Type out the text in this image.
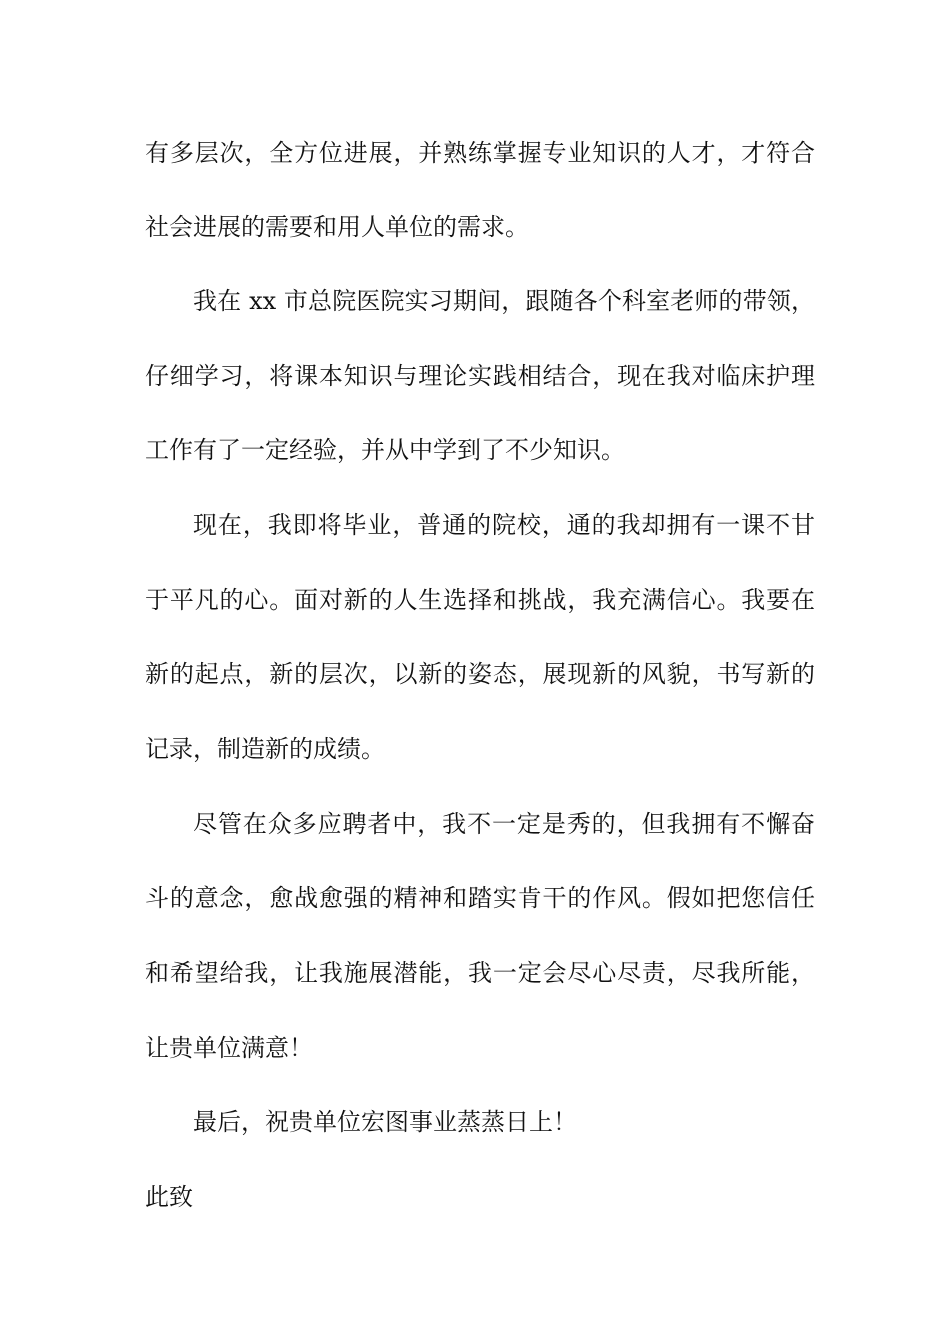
有多层次，全方位进展，并熟练掌握专业知识的人才，才符合
社会进展的需要和用人单位的需求。
我在 xx 市总院医院实习期间，跟随各个科室老师的带领，
仔细学习，将课本知识与理论实践相结合，现在我对临床护理
工作有了一定经验，并从中学到了不少知识。
现在，我即将毕业，普通的院校，通的我却拥有一课不甘
于平凡的心。面对新的人生选择和挑战，我充满信心。我要在
新的起点，新的层次，以新的姿态，展现新的风貌，书写新的
记录，制造新的成绩。
尽管在众多应聘者中，我不一定是秀的，但我拥有不懈奋
斗的意念，愈战愈强的精神和踏实肯干的作风。假如把您信任
和希望给我，让我施展潜能，我一定会尽心尽责，尽我所能，
让贵单位满意！
最后，祝贵单位宏图事业蒸蒸日上！
此致
